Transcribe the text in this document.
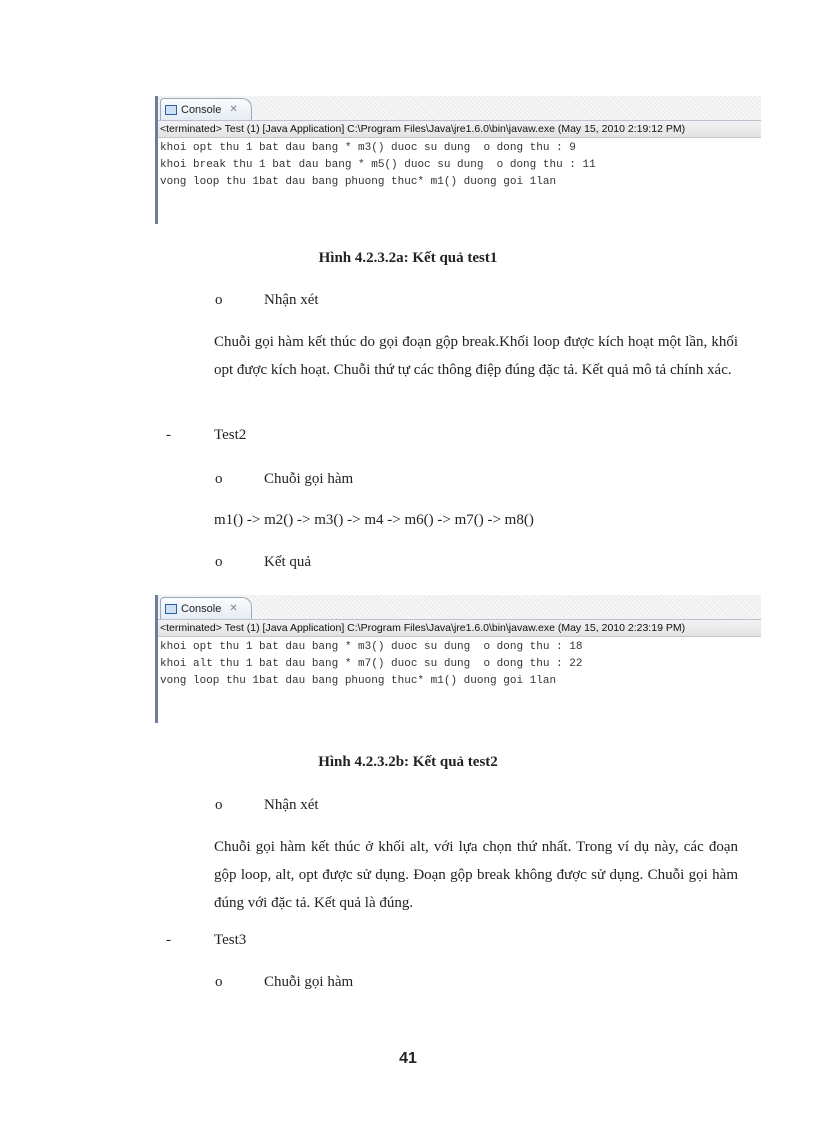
Console ✕
<terminated> Test (1) [Java Application] C:\Program Files\Java\jre1.6.0\bin\javaw.exe (May 15, 2010 2:19:12 PM)
khoi opt thu 1 bat dau bang * m3() duoc su dung  o dong thu : 9
khoi break thu 1 bat dau bang * m5() duoc su dung  o dong thu : 11
vong loop thu 1bat dau bang phuong thuc* m1() duong goi 1lan
Hình 4.2.3.2a: Kết quả test1
o	Nhận xét
Chuỗi gọi hàm kết thúc do gọi đoạn gộp break.Khối loop được kích hoạt một lần, khối opt được kích hoạt. Chuỗi thứ tự các thông điệp đúng đặc tả. Kết quả mô tả chính xác.
-	Test2
o	Chuỗi gọi hàm
m1() -> m2() -> m3() -> m4 -> m6() -> m7() -> m8()
o	Kết quả
Console ✕
<terminated> Test (1) [Java Application] C:\Program Files\Java\jre1.6.0\bin\javaw.exe (May 15, 2010 2:23:19 PM)
khoi opt thu 1 bat dau bang * m3() duoc su dung  o dong thu : 18
khoi alt thu 1 bat dau bang * m7() duoc su dung  o dong thu : 22
vong loop thu 1bat dau bang phuong thuc* m1() duong goi 1lan
Hình 4.2.3.2b: Kết quả test2
o	Nhận xét
Chuỗi gọi hàm kết thúc ở khối alt, với lựa chọn thứ nhất. Trong ví dụ này, các đoạn gộp loop, alt, opt được sử dụng. Đoạn gộp break không được sử dụng. Chuỗi gọi hàm đúng với đặc tả. Kết quả là đúng.
-	Test3
o	Chuỗi gọi hàm
41
